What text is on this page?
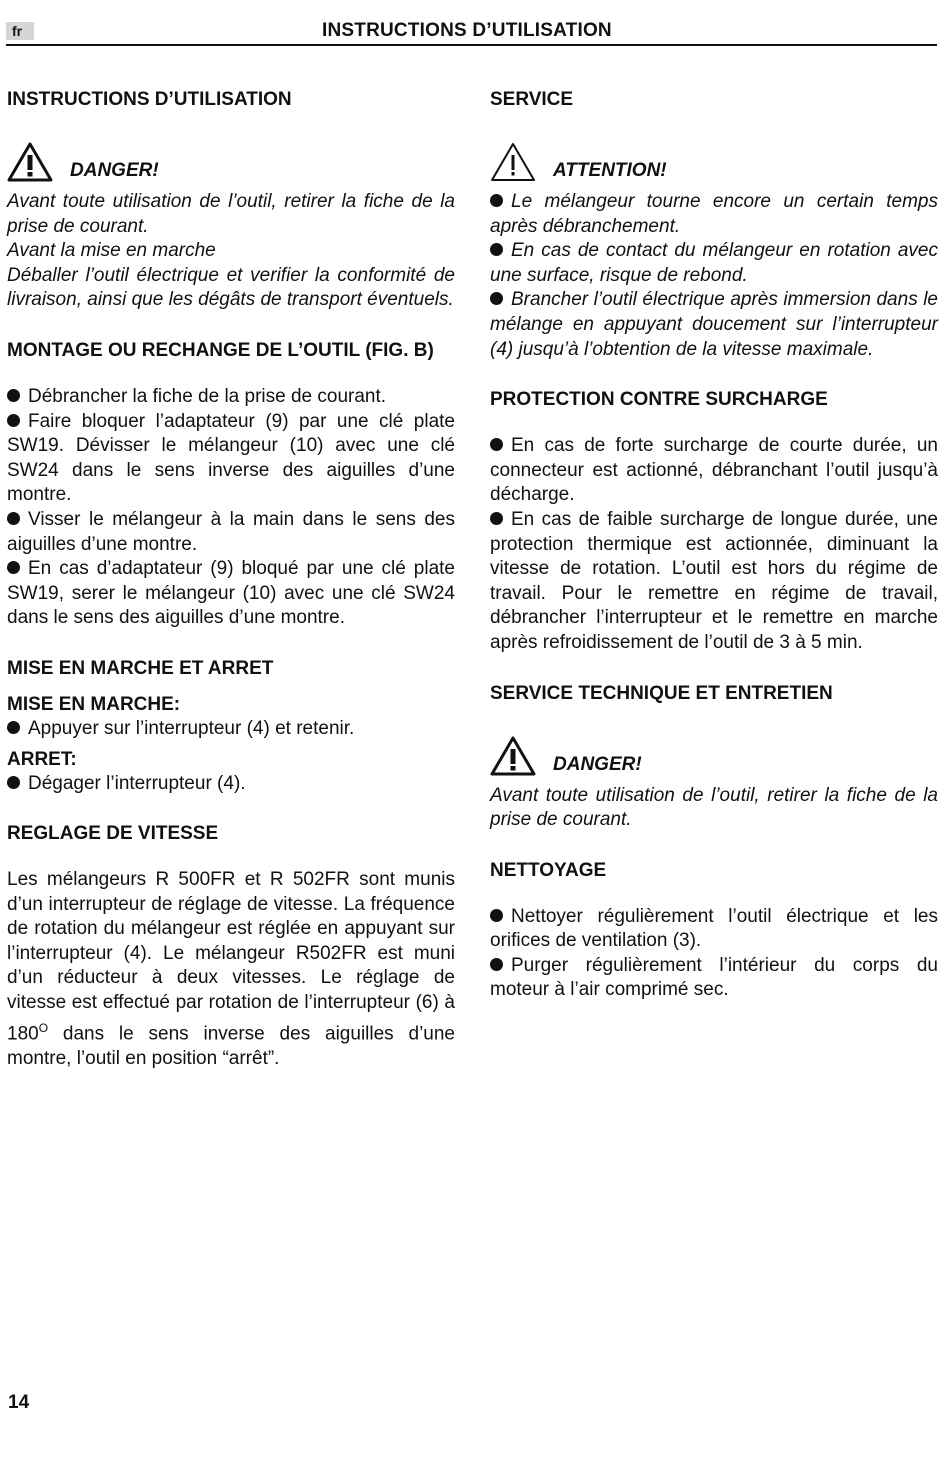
fr	INSTRUCTIONS D’UTILISATION
INSTRUCTIONS D’UTILISATION
DANGER!

Avant toute utilisation de l’outil, retirer la fiche de la prise de courant.

Avant la mise en marche

Déballer l’outil électrique et verifier la conformité de livraison, ainsi que les dégâts de transport éventuels.

MONTAGE OU RECHANGE DE L’OUTIL (FIG. B)

Débrancher la fiche de la prise de courant.

Faire bloquer l’adaptateur (9) par une clé plate SW19. Dévisser le mélangeur (10) avec une clé SW24 dans le sens inverse des aiguilles d’une montre.

Visser le mélangeur à la main dans le sens des aiguilles d’une montre.

En cas d’adaptateur (9) bloqué par une clé plate SW19, serer le mélangeur (10) avec une clé SW24 dans le sens des aiguilles d’une montre.

MISE EN MARCHE ET ARRET
MISE EN MARCHE:

Appuyer sur l’interrupteur (4) et retenir.

ARRET:

Dégager l’interrupteur (4).

REGLAGE DE VITESSE

Les mélangeurs R 500FR et R 502FR sont munis d’un interrupteur de réglage de vitesse. La fréquence de rotation du mélangeur est réglée en appuyant sur l’interrupteur (4). Le mélangeur R502FR est muni d’un réducteur à deux vitesses. Le réglage de vitesse est effectué par rotation de l’interrupteur (6) à $180^O$ dans le sens inverse des aiguilles d’une montre, l’outil en position “arrêt”.

SERVICE
ATTENTION!

Le mélangeur tourne encore un certain temps après débranchement.

En cas de contact du mélangeur en rotation avec une surface, risque de rebond.

Brancher l’outil électrique après immersion dans le mélange en appuyant doucement sur l’interrupteur (4) jusqu’à l’obtention de la vitesse maximale.

PROTECTION CONTRE SURCHARGE

En cas de forte surcharge de courte durée, un connecteur est actionné, débranchant l’outil jusqu’à décharge.

En cas de faible surcharge de longue durée, une protection thermique est actionnée, diminuant la vitesse de rotation. L’outil est hors du régime de travail. Pour le remettre en régime de travail, débrancher l’interrupteur et le remettre en marche après refroidissement de l’outil de 3 à 5 min.

SERVICE TECHNIQUE ET ENTRETIEN
DANGER!

Avant toute utilisation de l’outil, retirer la fiche de la prise de courant.

NETTOYAGE

Nettoyer régulièrement l’outil électrique et les orifices de ventilation (3).

Purger régulièrement l’intérieur du corps du moteur à l’air comprimé sec.

14
